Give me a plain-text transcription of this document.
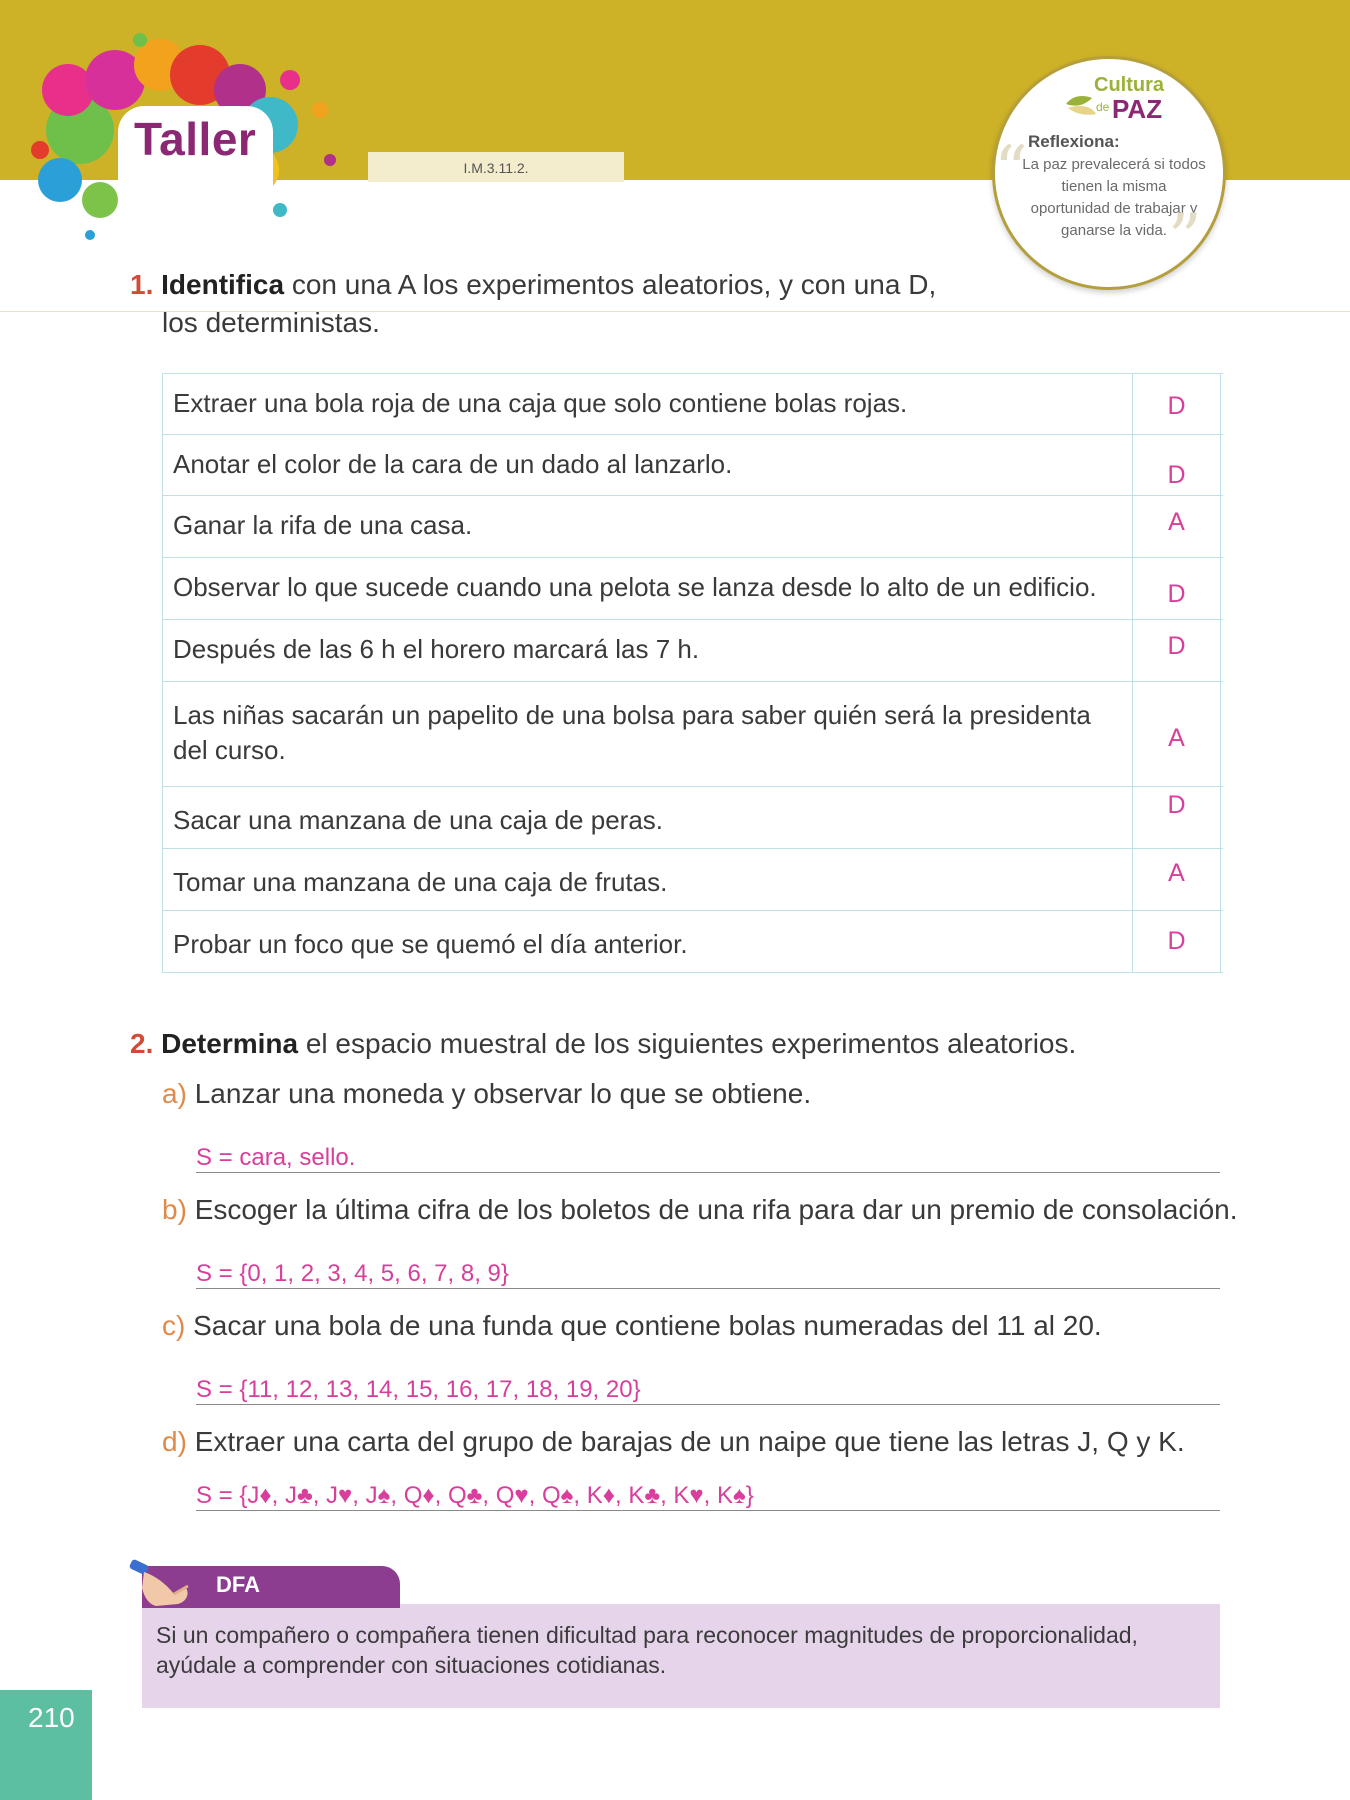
Taller
I.M.3.11.2.
Cultura
de PAZ
“ Reflexiona:
La paz prevalecerá si todos tienen la misma oportunidad de trabajar y ganarse la vida. ”
1. Identifica con una A los experimentos aleatorios, y con una D,
los deterministas.
Extraer una bola roja de una caja que solo contiene bolas rojas.	D
Anotar el color de la cara de un dado al lanzarlo.	D
Ganar la rifa de una casa.	A
Observar lo que sucede cuando una pelota se lanza desde lo alto de un edificio.	D
Después de las 6 h el horero marcará las 7 h.	D
Las niñas sacarán un papelito de una bolsa para saber quién será la presidenta del curso.	A
Sacar una manzana de una caja de peras.	D
Tomar una manzana de una caja de frutas.	A
Probar un foco que se quemó el día anterior.	D
2. Determina el espacio muestral de los siguientes experimentos aleatorios.
a) Lanzar una moneda y observar lo que se obtiene.
S = cara, sello.
b) Escoger la última cifra de los boletos de una rifa para dar un premio de consolación.
S = {0, 1, 2, 3, 4, 5, 6, 7, 8, 9}
c) Sacar una bola de una funda que contiene bolas numeradas del 11 al 20.
S = {11, 12, 13, 14, 15, 16, 17, 18, 19, 20}
d) Extraer una carta del grupo de barajas de un naipe que tiene las letras J, Q y K.
S = {J♦, J♣, J♥, J♠, Q♦, Q♣, Q♥, Q♠, K♦, K♣, K♥, K♠}
DFA
Si un compañero o compañera tienen dificultad para reconocer magnitudes de proporcionalidad, ayúdale a comprender con situaciones cotidianas.
210
